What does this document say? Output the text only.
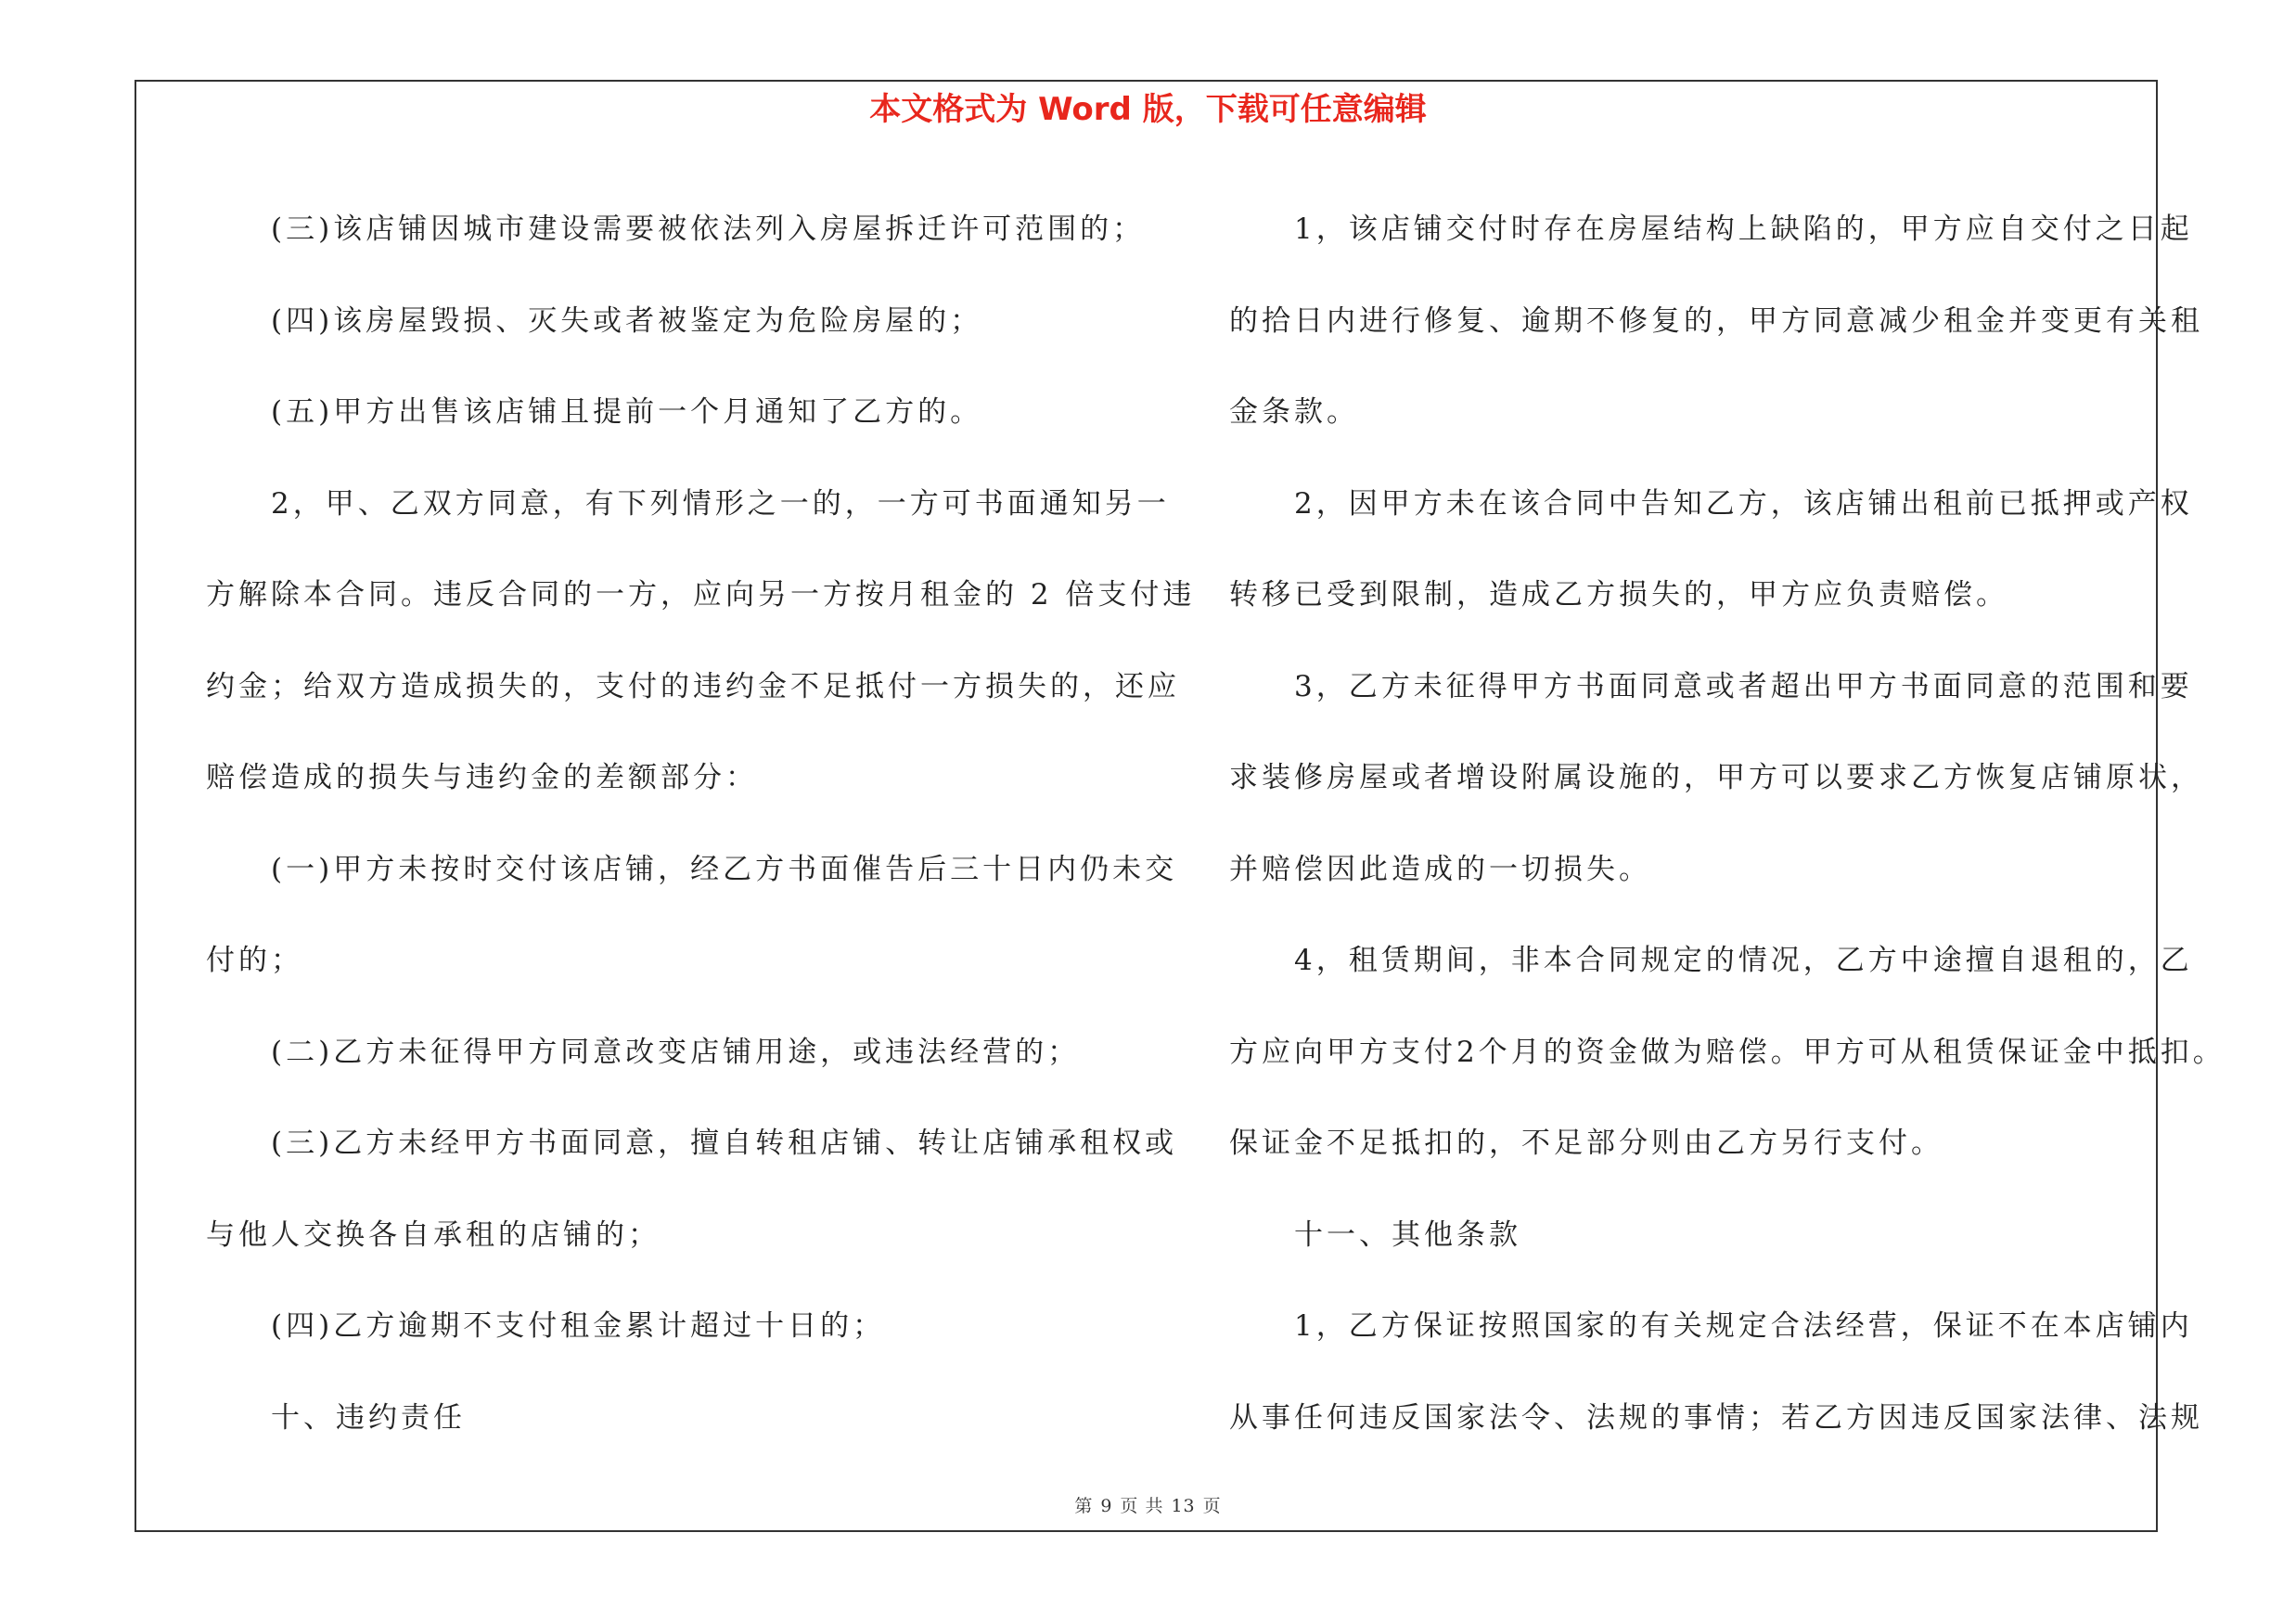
本文格式为 Word 版，下载可任意编辑

　　(三)该店铺因城市建设需要被依法列入房屋拆迁许可范围的；

　　(四)该房屋毁损、灭失或者被鉴定为危险房屋的；

　　(五)甲方出售该店铺且提前一个月通知了乙方的。

　　2，甲、乙双方同意，有下列情形之一的，一方可书面通知另一

方解除本合同。违反合同的一方，应向另一方按月租金的 2 倍支付违

约金；给双方造成损失的，支付的违约金不足抵付一方损失的，还应

赔偿造成的损失与违约金的差额部分：

　　(一)甲方未按时交付该店铺，经乙方书面催告后三十日内仍未交

付的；

　　(二)乙方未征得甲方同意改变店铺用途，或违法经营的；

　　(三)乙方未经甲方书面同意，擅自转租店铺、转让店铺承租权或

与他人交换各自承租的店铺的；

　　(四)乙方逾期不支付租金累计超过十日的；

　　十、违约责任

　　1，该店铺交付时存在房屋结构上缺陷的，甲方应自交付之日起

的拾日内进行修复、逾期不修复的，甲方同意减少租金并变更有关租

金条款。

　　2，因甲方未在该合同中告知乙方，该店铺出租前已抵押或产权

转移已受到限制，造成乙方损失的，甲方应负责赔偿。

　　3，乙方未征得甲方书面同意或者超出甲方书面同意的范围和要

求装修房屋或者增设附属设施的，甲方可以要求乙方恢复店铺原状，

并赔偿因此造成的一切损失。

　　4，租赁期间，非本合同规定的情况，乙方中途擅自退租的，乙

方应向甲方支付2个月的资金做为赔偿。甲方可从租赁保证金中抵扣。

保证金不足抵扣的，不足部分则由乙方另行支付。

　　十一、其他条款

　　1，乙方保证按照国家的有关规定合法经营，保证不在本店铺内

从事任何违反国家法令、法规的事情；若乙方因违反国家法律、法规

第 9 页 共 13 页
